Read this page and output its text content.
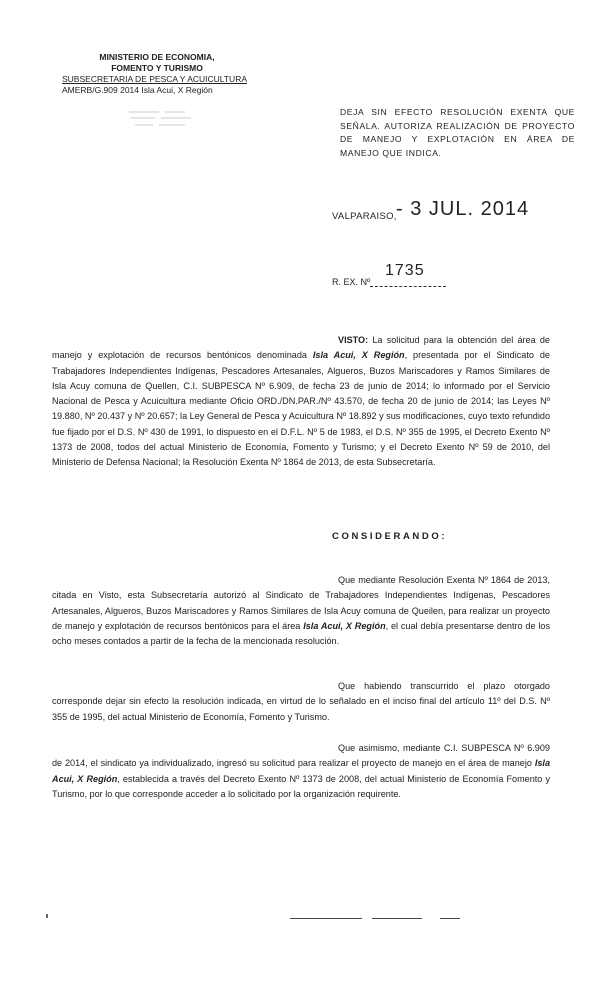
MINISTERIO DE ECONOMIA,
FOMENTO Y TURISMO
SUBSECRETARIA DE PESCA Y ACUICULTURA
AMERB/G.909 2014 Isla Acui, X Región
DEJA SIN EFECTO RESOLUCIÓN EXENTA QUE SEÑALA. AUTORIZA REALIZACIÓN DE PROYECTO DE MANEJO Y EXPLOTACIÓN EN ÁREA DE MANEJO QUE INDICA.
VALPARAISO, - 3 JUL. 2014
R. EX. Nº
1735
VISTO: La solicitud para la obtención del área de manejo y explotación de recursos bentónicos denominada Isla Acui, X Región, presentada por el Sindicato de Trabajadores Independientes Indígenas, Pescadores Artesanales, Algueros, Buzos Mariscadores y Ramos Similares de Isla Acuy comuna de Quellen, C.I. SUBPESCA Nº 6.909, de fecha 23 de junio de 2014; lo informado por el Servicio Nacional de Pesca y Acuicultura mediante Oficio ORD./DN.PAR./Nº 43.570, de fecha 20 de junio de 2014; las Leyes Nº 19.880, Nº 20.437 y Nº 20.657; la Ley General de Pesca y Acuicultura Nº 18.892 y sus modificaciones, cuyo texto refundido fue fijado por el D.S. Nº 430 de 1991, lo dispuesto en el D.F.L. Nº 5 de 1983, el D.S. Nº 355 de 1995, el Decreto Exento Nº 1373 de 2008, todos del actual Ministerio de Economía, Fomento y Turismo; y el Decreto Exento Nº 59 de 2010, del Ministerio de Defensa Nacional; la Resolución Exenta Nº 1864 de 2013, de esta Subsecretaría.
CONSIDERANDO:
Que mediante Resolución Exenta Nº 1864 de 2013, citada en Visto, esta Subsecretaría autorizó al Sindicato de Trabajadores Independientes Indígenas, Pescadores Artesanales, Algueros, Buzos Mariscadores y Ramos Similares de Isla Acuy comuna de Queilen, para realizar un proyecto de manejo y explotación de recursos bentónicos para el área Isla Acui, X Región, el cual debía presentarse dentro de los ocho meses contados a partir de la fecha de la mencionada resolución.
Que habiendo transcurrido el plazo otorgado corresponde dejar sin efecto la resolución indicada, en virtud de lo señalado en el inciso final del artículo 11º del D.S. Nº 355 de 1995, del actual Ministerio de Economía, Fomento y Turismo.
Que asimismo, mediante C.I. SUBPESCA Nº 6.909 de 2014, el sindicato ya individualizado, ingresó su solicitud para realizar el proyecto de manejo en el área de manejo Isla Acui, X Región, establecida a través del Decreto Exento Nº 1373 de 2008, del actual Ministerio de Economía Fomento y Turismo, por lo que corresponde acceder a lo solicitado por la organización requirente.
